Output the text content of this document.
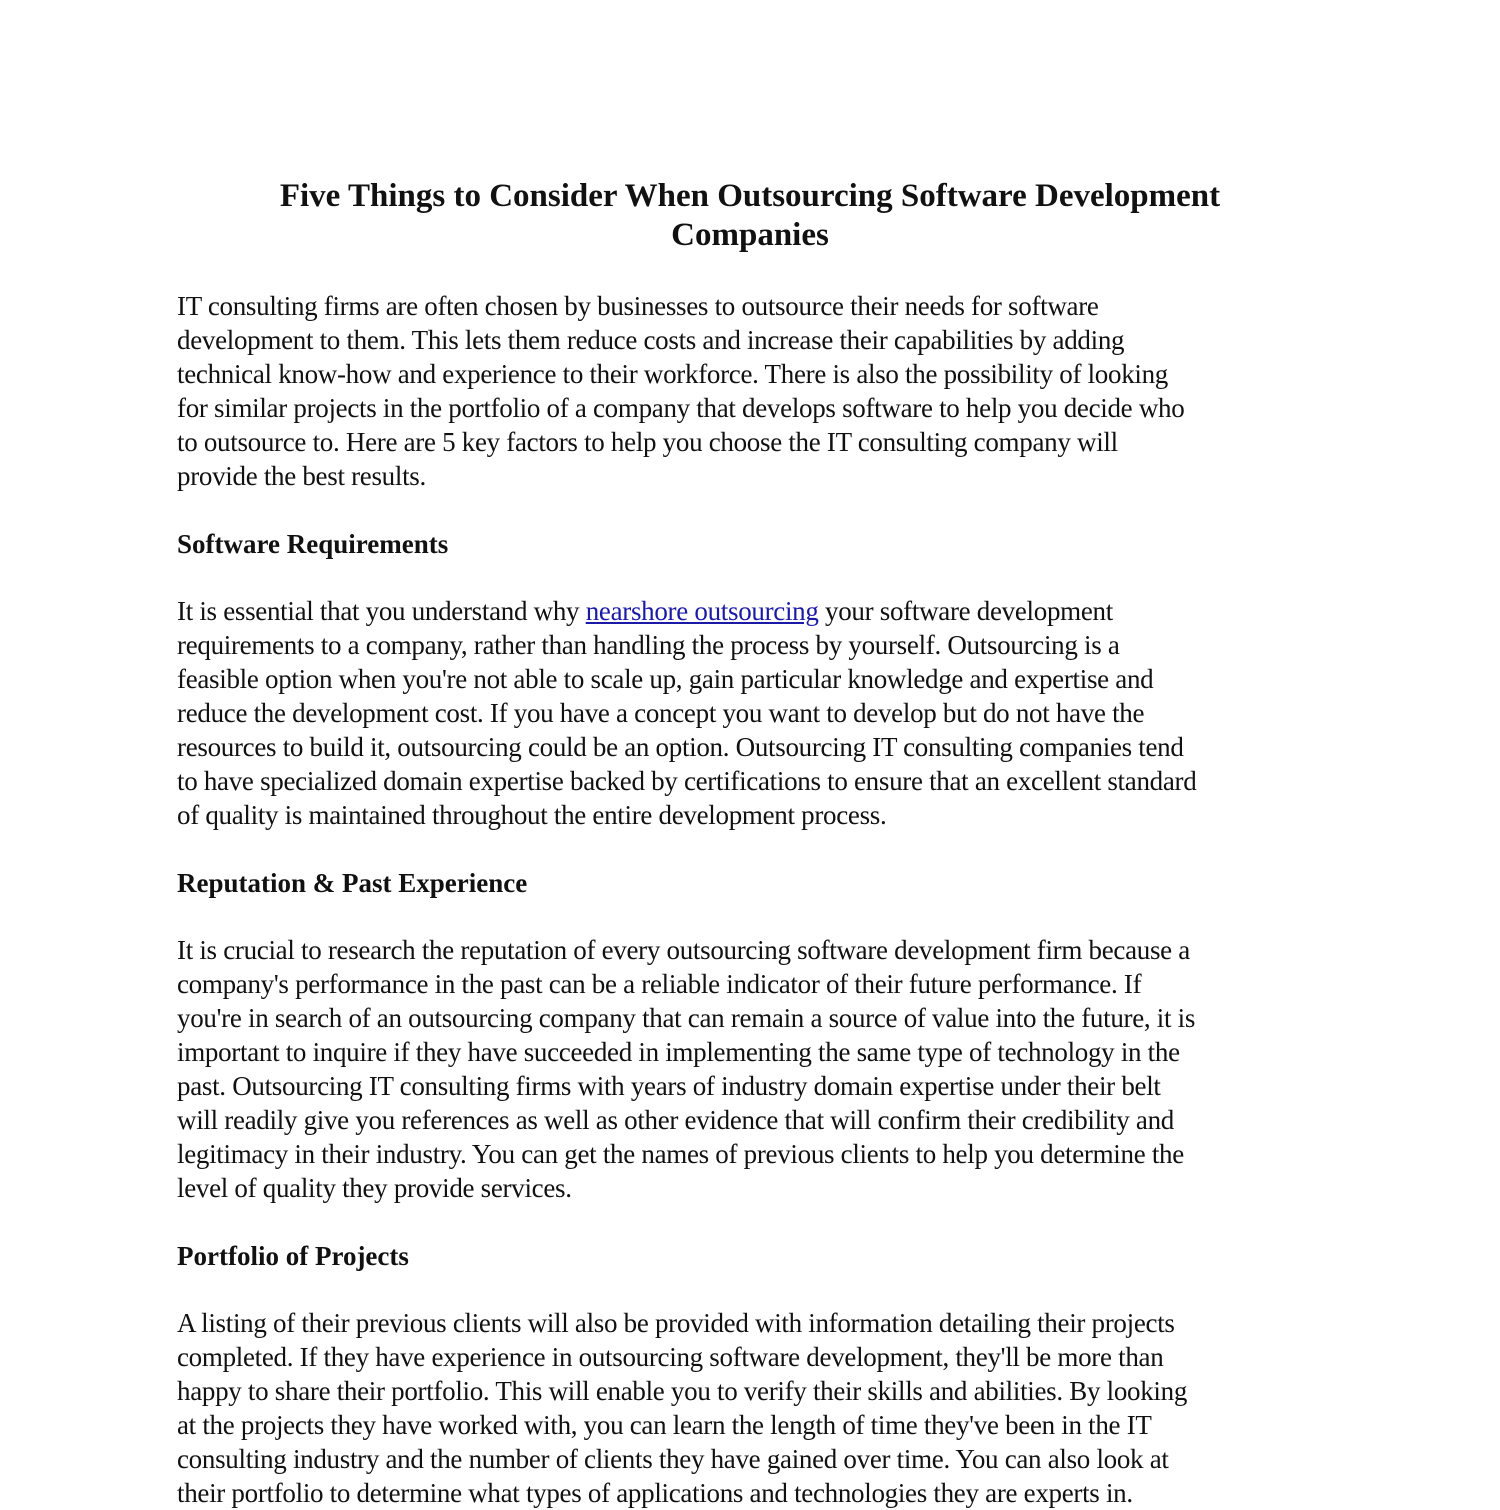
Five Things to Consider When Outsourcing Software Development
Companies
IT consulting firms are often chosen by businesses to outsource their needs for software
development to them. This lets them reduce costs and increase their capabilities by adding
technical know-how and experience to their workforce. There is also the possibility of looking
for similar projects in the portfolio of a company that develops software to help you decide who
to outsource to. Here are 5 key factors to help you choose the IT consulting company will
provide the best results.
Software Requirements
It is essential that you understand why nearshore outsourcing your software development
requirements to a company, rather than handling the process by yourself. Outsourcing is a
feasible option when you're not able to scale up, gain particular knowledge and expertise and
reduce the development cost. If you have a concept you want to develop but do not have the
resources to build it, outsourcing could be an option. Outsourcing IT consulting companies tend
to have specialized domain expertise backed by certifications to ensure that an excellent standard
of quality is maintained throughout the entire development process.
Reputation & Past Experience
It is crucial to research the reputation of every outsourcing software development firm because a
company's performance in the past can be a reliable indicator of their future performance. If
you're in search of an outsourcing company that can remain a source of value into the future, it is
important to inquire if they have succeeded in implementing the same type of technology in the
past. Outsourcing IT consulting firms with years of industry domain expertise under their belt
will readily give you references as well as other evidence that will confirm their credibility and
legitimacy in their industry. You can get the names of previous clients to help you determine the
level of quality they provide services.
Portfolio of Projects
A listing of their previous clients will also be provided with information detailing their projects
completed. If they have experience in outsourcing software development, they'll be more than
happy to share their portfolio. This will enable you to verify their skills and abilities. By looking
at the projects they have worked with, you can learn the length of time they've been in the IT
consulting industry and the number of clients they have gained over time. You can also look at
their portfolio to determine what types of applications and technologies they are experts in.
